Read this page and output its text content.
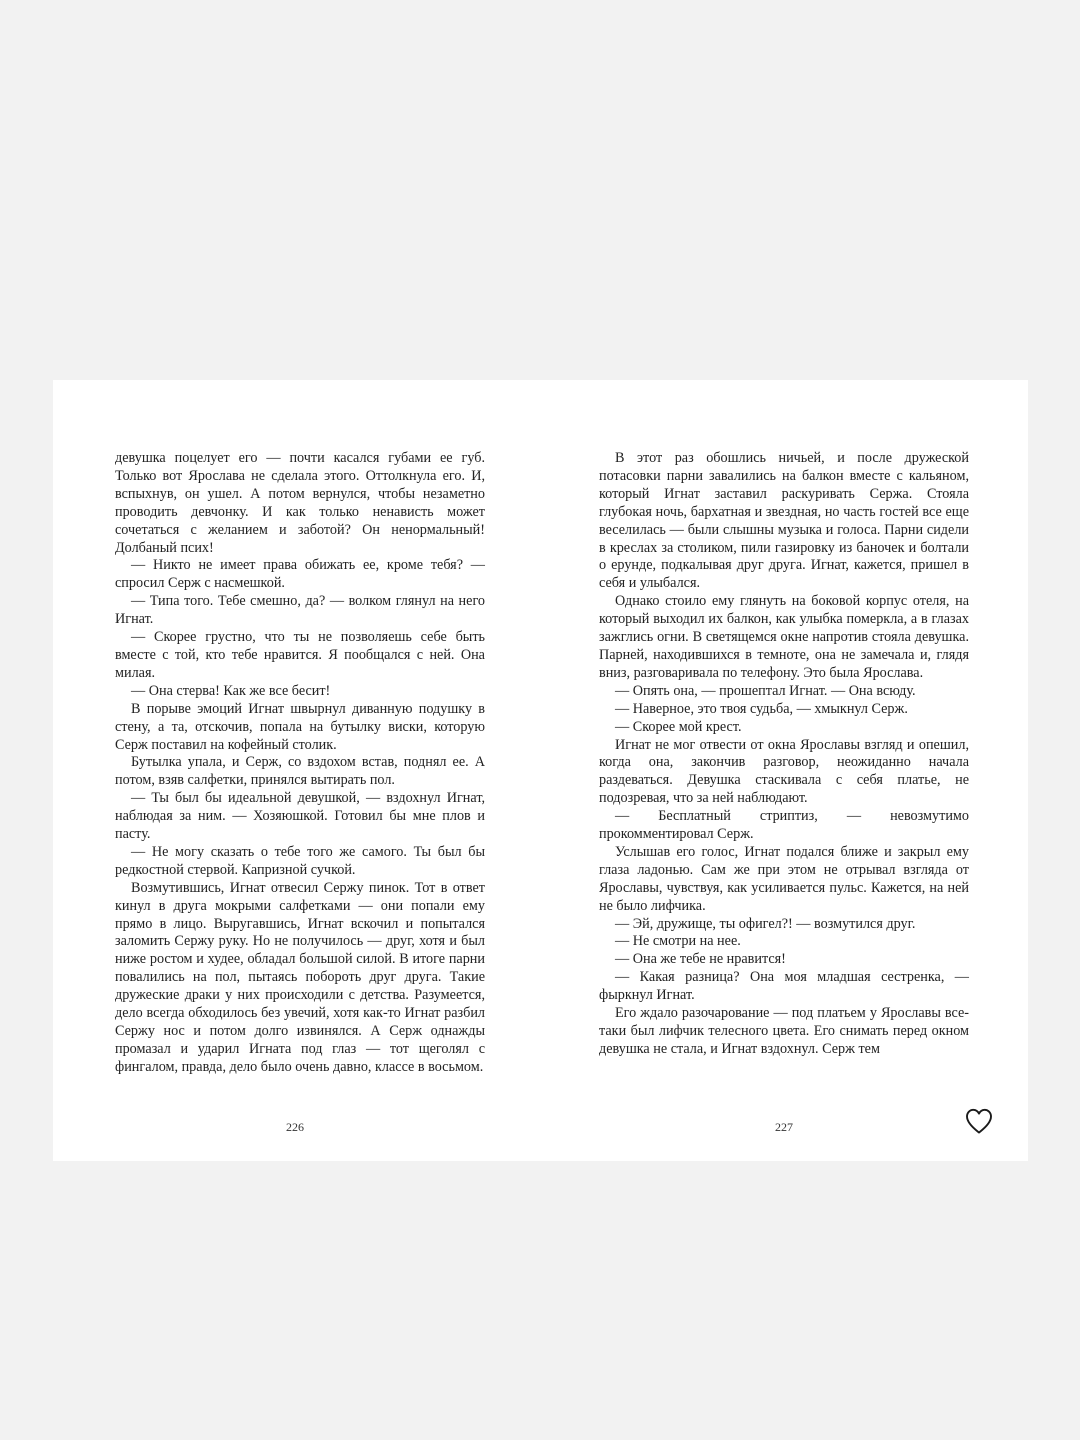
девушка поцелует его — почти касался губами ее губ. Только вот Ярослава не сделала этого. Оттолкнула его. И, вспыхнув, он ушел. А потом вернулся, чтобы незаметно проводить девчонку. И как только ненависть может сочетаться с желанием и заботой? Он ненормальный! Долбаный псих!

— Никто не имеет права обижать ее, кроме тебя? — спросил Серж с насмешкой.

— Типа того. Тебе смешно, да? — волком глянул на него Игнат.

— Скорее грустно, что ты не позволяешь себе быть вместе с той, кто тебе нравится. Я пообщался с ней. Она милая.

— Она стерва! Как же все бесит!

В порыве эмоций Игнат швырнул диванную подушку в стену, а та, отскочив, попала на бутылку виски, которую Серж поставил на кофейный столик.

Бутылка упала, и Серж, со вздохом встав, поднял ее. А потом, взяв салфетки, принялся вытирать пол.

— Ты был бы идеальной девушкой, — вздохнул Игнат, наблюдая за ним. — Хозяюшкой. Готовил бы мне плов и пасту.

— Не могу сказать о тебе того же самого. Ты был бы редкостной стервой. Капризной сучкой.

Возмутившись, Игнат отвесил Сержу пинок. Тот в ответ кинул в друга мокрыми салфетками — они попали ему прямо в лицо. Выругавшись, Игнат вскочил и попытался заломить Сержу руку. Но не получилось — друг, хотя и был ниже ростом и худее, обладал большой силой. В итоге парни повалились на пол, пытаясь побороть друг друга. Такие дружеские драки у них происходили с детства. Разумеется, дело всегда обходилось без увечий, хотя как-то Игнат разбил Сержу нос и потом долго извинялся. А Серж однажды промазал и ударил Игната под глаз — тот щеголял с фингалом, правда, дело было очень давно, классе в восьмом.

В этот раз обошлись ничьей, и после дружеской потасовки парни завалились на балкон вместе с кальяном, который Игнат заставил раскуривать Сержа. Стояла глубокая ночь, бархатная и звездная, но часть гостей все еще веселилась — были слышны музыка и голоса. Парни сидели в креслах за столиком, пили газировку из баночек и болтали о ерунде, подкалывая друг друга. Игнат, кажется, пришел в себя и улыбался.

Однако стоило ему глянуть на боковой корпус отеля, на который выходил их балкон, как улыбка померкла, а в глазах зажглись огни. В светящемся окне напротив стояла девушка. Парней, находившихся в темноте, она не замечала и, глядя вниз, разговаривала по телефону. Это была Ярослава.

— Опять она, — прошептал Игнат. — Она всюду.

— Наверное, это твоя судьба, — хмыкнул Серж.

— Скорее мой крест.

Игнат не мог отвести от окна Ярославы взгляд и опешил, когда она, закончив разговор, неожиданно начала раздеваться. Девушка стаскивала с себя платье, не подозревая, что за ней наблюдают.

— Бесплатный стриптиз, — невозмутимо прокомментировал Серж.

Услышав его голос, Игнат подался ближе и закрыл ему глаза ладонью. Сам же при этом не отрывал взгляда от Ярославы, чувствуя, как усиливается пульс. Кажется, на ней не было лифчика.

— Эй, дружище, ты офигел?! — возмутился друг.

— Не смотри на нее.

— Она же тебе не нравится!

— Какая разница? Она моя младшая сестренка, — фыркнул Игнат.

Его ждало разочарование — под платьем у Ярославы все-таки был лифчик телесного цвета. Его снимать перед окном девушка не стала, и Игнат вздохнул. Серж тем

226	227
